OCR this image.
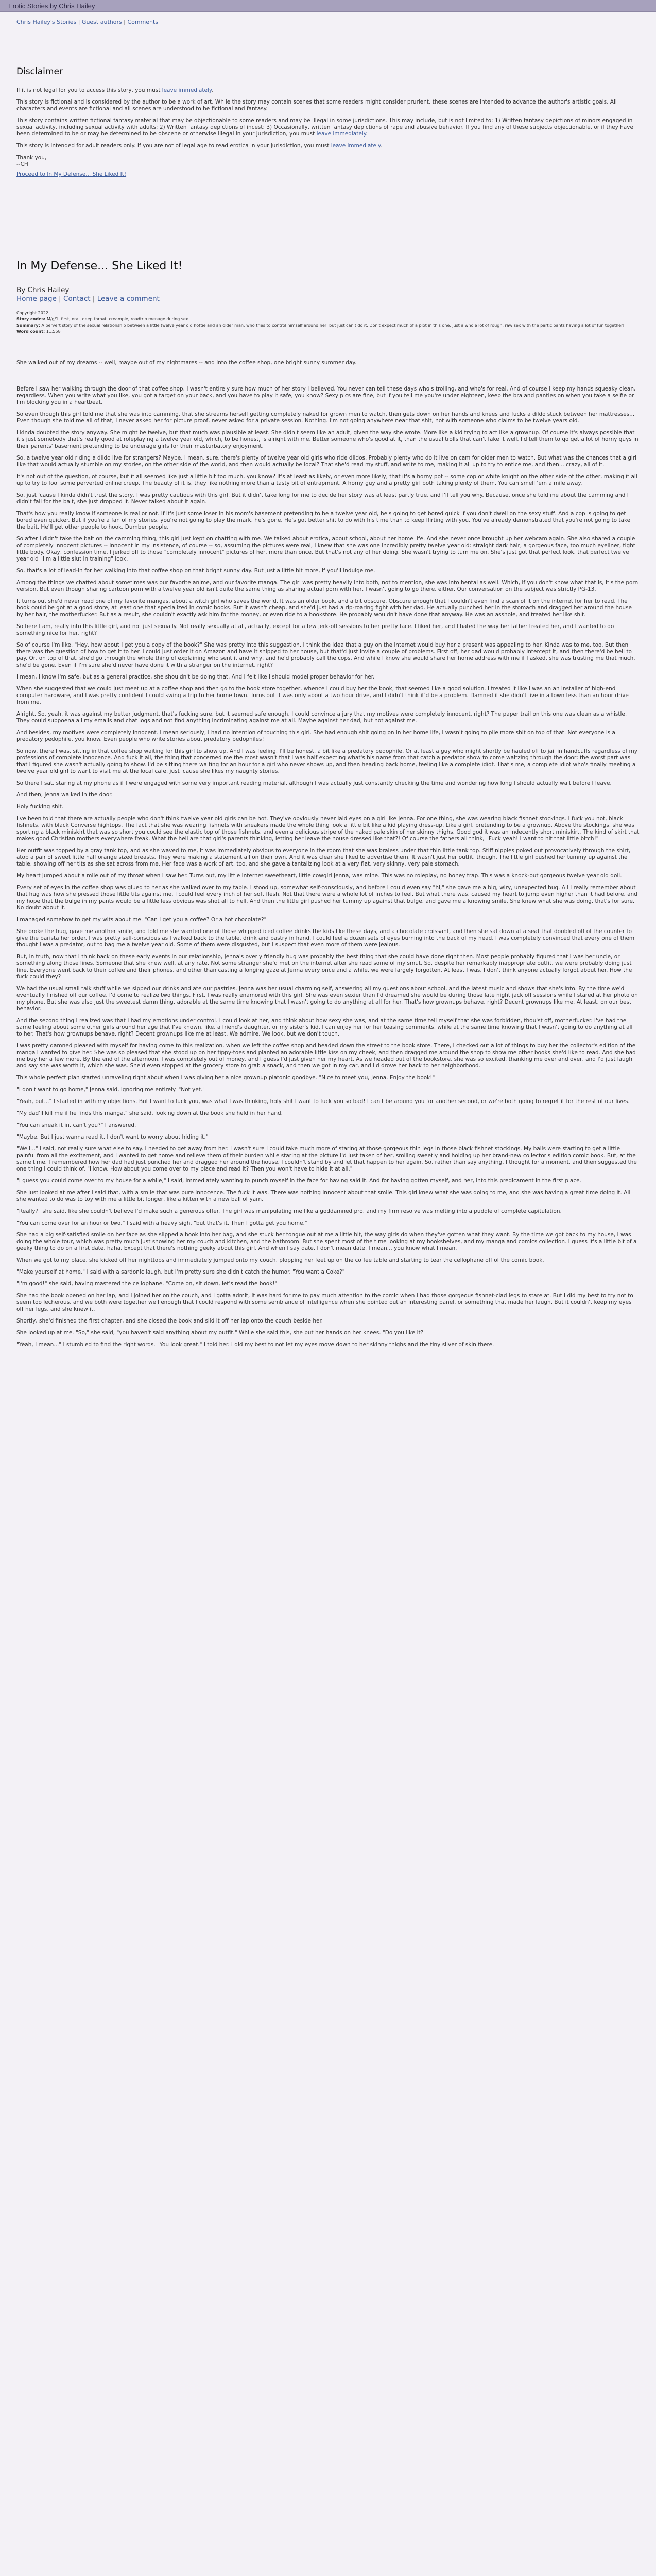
Erotic Stories by Chris Hailey
Chris Hailey's Stories | Guest authors | Comments
Disclaimer

If it is not legal for you to access this story, you must leave immediately.

This story is fictional and is considered by the author to be a work of art. While the story may contain scenes that some readers might consider prurient, these scenes are intended to advance the author's artistic goals. All characters and events are fictional and all scenes are understood to be fictional and fantasy.

This story contains written fictional fantasy material that may be objectionable to some readers and may be illegal in some jurisdictions. This may include, but is not limited to: 1) Written fantasy depictions of minors engaged in sexual activity, including sexual activity with adults; 2) Written fantasy depictions of incest; 3) Occasionally, written fantasy depictions of rape and abusive behavior. If you find any of these subjects objectionable, or if they have been determined to be or may be determined to be obscene or otherwise illegal in your jurisdiction, you must leave immediately.

This story is intended for adult readers only. If you are not of legal age to read erotica in your jurisdiction, you must leave immediately.

Thank you,
--CH

Proceed to In My Defense... She Liked It!
In My Defense... She Liked It!
By Chris Hailey
Home page | Contact | Leave a comment
Copyright 2022
Story codes: M/g/1, first, oral, deep throat, creampie, roadtrip menage during sex
Summary: A pervert story of the sexual relationship between a little twelve year old hottie and an older man; who tries to control himself around her, but just can't do it. Don't expect much of a plot in this one, just a whole lot of rough, raw sex with the participants having a lot of fun together!
Word count: 11,558

She walked out of my dreams -- well, maybe out of my nightmares -- and into the coffee shop, one bright sunny summer day.

Before I saw her walking through the door of that coffee shop, I wasn't entirely sure how much of her story I believed. You never can tell these days who's trolling, and who's for real. And of course I keep my hands squeaky clean, regardless. When you write what you like, you got a target on your back, and you have to play it safe, you know? Sexy pics are fine, but if you tell me you're under eighteen, keep the bra and panties on when you take a selfie or I'm blocking you in a heartbeat.

So even though this girl told me that she was into camming, that she streams herself getting completely naked for grown men to watch, then gets down on her hands and knees and fucks a dildo stuck between her mattresses... Even though she told me all of that, I never asked her for picture proof, never asked for a private session. Nothing. I'm not going anywhere near that shit, not with someone who claims to be twelve years old.

I kinda doubted the story anyway. She might be twelve, but that much was plausible at least. She didn't seem like an adult, given the way she wrote. More like a kid trying to act like a grownup. Of course it's always possible that it's just somebody that's really good at roleplaying a twelve year old, which, to be honest, is alright with me. Better someone who's good at it, than the usual trolls that can't fake it well. I'd tell them to go get a lot of horny guys in their parents' basement pretending to be underage girls for their masturbatory enjoyment.

So, a twelve year old riding a dildo live for strangers? Maybe. I mean, sure, there's plenty of twelve year old girls who ride dildos. Probably plenty who do it live on cam for older men to watch. But what was the chances that a girl like that would actually stumble on my stories, on the other side of the world, and then would actually be local? That she'd read my stuff, and write to me, making it all up to try to entice me, and then... crazy, all of it.

It's not out of the question, of course, but it all seemed like just a little bit too much, you know? It's at least as likely, or even more likely, that it's a horny pot -- some cop or white knight on the other side of the other, making it all up to try to fool some perverted online creep. The beauty of it is, they like nothing more than a tasty bit of entrapment. A horny guy and a pretty girl both taking plenty of them. You can smell 'em a mile away.

So, just 'cause I kinda didn't trust the story, I was pretty cautious with this girl. But it didn't take long for me to decide her story was at least partly true, and I'll tell you why. Because, once she told me about the camming and I didn't fall for the bait, she just dropped it. Never talked about it again.

That's how you really know if someone is real or not. If it's just some loser in his mom's basement pretending to be a twelve year old, he's going to get bored quick if you don't dwell on the sexy stuff. And a cop is going to get bored even quicker. But if you're a fan of my stories, you're not going to play the mark, he's gone. He's got better shit to do with his time than to keep flirting with you. You've already demonstrated that you're not going to take the bait. He'll get other people to hook. Dumber people.

So after I didn't take the bait on the camming thing, this girl just kept on chatting with me. We talked about erotica, about school, about her home life. And she never once brought up her webcam again. She also shared a couple of completely innocent pictures -- innocent in my insistence, of course -- so, assuming the pictures were real, I knew that she was one incredibly pretty twelve year old: straight dark hair, a gorgeous face, too much eyeliner, tight little body. Okay, confession time, I jerked off to those "completely innocent" pictures of her, more than once. But that's not any of her doing. She wasn't trying to turn me on. She's just got that perfect look, that perfect twelve year old "I'm a little slut in training" look.

So, that's a lot of lead-in for her walking into that coffee shop on that bright sunny day. But just a little bit more, if you'll indulge me.

Among the things we chatted about sometimes was our favorite anime, and our favorite manga. The girl was pretty heavily into both, not to mention, she was into hentai as well. Which, if you don't know what that is, it's the porn version. But even though sharing cartoon porn with a twelve year old isn't quite the same thing as sharing actual porn with her, I wasn't going to go there, either. Our conversation on the subject was strictly PG-13.

It turns out she'd never read one of my favorite mangas, about a witch girl who saves the world. It was an older book, and a bit obscure. Obscure enough that I couldn't even find a scan of it on the internet for her to read. The book could be got at a good store, at least one that specialized in comic books. But it wasn't cheap, and she'd just had a rip-roaring fight with her dad. He actually punched her in the stomach and dragged her around the house by her hair, the motherfucker. But as a result, she couldn't exactly ask him for the money, or even ride to a bookstore. He probably wouldn't have done that anyway. He was an asshole, and treated her like shit.

So here I am, really into this little girl, and not just sexually. Not really sexually at all, actually, except for a few jerk-off sessions to her pretty face. I liked her, and I hated the way her father treated her, and I wanted to do something nice for her, right?

So of course I'm like, "Hey, how about I get you a copy of the book?" She was pretty into this suggestion. I think the idea that a guy on the internet would buy her a present was appealing to her. Kinda was to me, too. But then there was the question of how to get it to her. I could just order it on Amazon and have it shipped to her house, but that'd just invite a couple of problems. First off, her dad would probably intercept it, and then there'd be hell to pay. Or, on top of that, she'd go through the whole thing of explaining who sent it and why, and he'd probably call the cops. And while I know she would share her home address with me if I asked, she was trusting me that much, she'd be gone. Even if I'm sure she'd never have done it with a stranger on the internet, right?

I mean, I know I'm safe, but as a general practice, she shouldn't be doing that. And I felt like I should model proper behavior for her.

When she suggested that we could just meet up at a coffee shop and then go to the book store together, whence I could buy her the book, that seemed like a good solution. I treated it like I was an an installer of high-end computer hardware, and I was pretty confident I could swing a trip to her home town. Turns out it was only about a two hour drive, and I didn't think it'd be a problem. Damned if she didn't live in a town less than an hour drive from me.

Alright. So, yeah, it was against my better judgment, that's fucking sure, but it seemed safe enough. I could convince a jury that my motives were completely innocent, right? The paper trail on this one was clean as a whistle. They could subpoena all my emails and chat logs and not find anything incriminating against me at all. Maybe against her dad, but not against me.

And besides, my motives were completely innocent. I mean seriously, I had no intention of touching this girl. She had enough shit going on in her home life, I wasn't going to pile more shit on top of that. Not everyone is a predatory pedophile, you know. Even people who write stories about predatory pedophiles!

So now, there I was, sitting in that coffee shop waiting for this girl to show up. And I was feeling, I'll be honest, a bit like a predatory pedophile. Or at least a guy who might shortly be hauled off to jail in handcuffs regardless of my professions of complete innocence. And fuck it all, the thing that concerned me the most wasn't that I was half expecting what's his name from that catch a predator show to come waltzing through the door; the worst part was that I figured she wasn't actually going to show. I'd be sitting there waiting for an hour for a girl who never shows up, and then heading back home, feeling like a complete idiot. That's me, a complete idiot who's finally meeting a twelve year old girl to want to visit me at the local cafe, just 'cause she likes my naughty stories.

So there I sat, staring at my phone as if I were engaged with some very important reading material, although I was actually just constantly checking the time and wondering how long I should actually wait before I leave.

And then, Jenna walked in the door.

Holy fucking shit.

I've been told that there are actually people who don't think twelve year old girls can be hot. They've obviously never laid eyes on a girl like Jenna. For one thing, she was wearing black fishnet stockings. I fuck you not, black fishnets, with black Converse hightops. The fact that she was wearing fishnets with sneakers made the whole thing look a little bit like a kid playing dress-up. Like a girl, pretending to be a grownup. Above the stockings, she was sporting a black miniskirt that was so short you could see the elastic top of those fishnets, and even a delicious stripe of the naked pale skin of her skinny thighs. Good god it was an indecently short miniskirt. The kind of skirt that makes good Christian mothers everywhere freak. What the hell are that girl's parents thinking, letting her leave the house dressed like that?! Of course the fathers all think, "Fuck yeah! I want to hit that little bitch!"

Her outfit was topped by a gray tank top, and as she waved to me, it was immediately obvious to everyone in the room that she was braless under that thin little tank top. Stiff nipples poked out provocatively through the shirt, atop a pair of sweet little half orange sized breasts. They were making a statement all on their own. And it was clear she liked to advertise them. It wasn't just her outfit, though. The little girl pushed her tummy up against the table, showing off her tits as she sat across from me. Her face was a work of art, too, and she gave a tantalizing look at a very flat, very skinny, very pale stomach.

My heart jumped about a mile out of my throat when I saw her. Turns out, my little internet sweetheart, little cowgirl Jenna, was mine. This was no roleplay, no honey trap. This was a knock-out gorgeous twelve year old doll.

Every set of eyes in the coffee shop was glued to her as she walked over to my table. I stood up, somewhat self-consciously, and before I could even say "hi," she gave me a big, wiry, unexpected hug. All I really remember about that hug was how she pressed those little tits against me. I could feel every inch of her soft flesh. Not that there were a whole lot of inches to feel. But what there was, caused my heart to jump even higher than it had before, and my hope that the bulge in my pants would be a little less obvious was shot all to hell. And then the little girl pushed her tummy up against that bulge, and gave me a knowing smile. She knew what she was doing, that's for sure. No doubt about it.

I managed somehow to get my wits about me. "Can I get you a coffee? Or a hot chocolate?"

She broke the hug, gave me another smile, and told me she wanted one of those whipped iced coffee drinks the kids like these days, and a chocolate croissant, and then she sat down at a seat that doubled off of the counter to give the barista her order. I was pretty self-conscious as I walked back to the table, drink and pastry in hand. I could feel a dozen sets of eyes burning into the back of my head. I was completely convinced that every one of them thought I was a predator, out to bag me a twelve year old. Some of them were disgusted, but I suspect that even more of them were jealous.

But, in truth, now that I think back on these early events in our relationship, Jenna's overly friendly hug was probably the best thing that she could have done right then. Most people probably figured that I was her uncle, or something along those lines. Someone that she knew well, at any rate. Not some stranger she'd met on the internet after she read some of my smut. So, despite her remarkably inappropriate outfit, we were probably doing just fine. Everyone went back to their coffee and their phones, and other than casting a longing gaze at Jenna every once and a while, we were largely forgotten. At least I was. I don't think anyone actually forgot about her. How the fuck could they?

We had the usual small talk stuff while we sipped our drinks and ate our pastries. Jenna was her usual charming self, answering all my questions about school, and the latest music and shows that she's into. By the time we'd eventually finished off our coffee, I'd come to realize two things. First, I was really enamored with this girl. She was even sexier than I'd dreamed she would be during those late night jack off sessions while I stared at her photo on my phone. But she was also just the sweetest damn thing, adorable at the same time knowing that I wasn't going to do anything at all for her. That's how grownups behave, right? Decent grownups like me. At least, on our best behavior.

And the second thing I realized was that I had my emotions under control. I could look at her, and think about how sexy she was, and at the same time tell myself that she was forbidden, thou'st off, motherfucker. I've had the same feeling about some other girls around her age that I've known, like, a friend's daughter, or my sister's kid. I can enjoy her for her teasing comments, while at the same time knowing that I wasn't going to do anything at all to her. That's how grownups behave, right? Decent grownups like me at least. We admire. We look, but we don't touch.

I was pretty damned pleased with myself for having come to this realization, when we left the coffee shop and headed down the street to the book store. There, I checked out a lot of things to buy her the collector's edition of the manga I wanted to give her. She was so pleased that she stood up on her tippy-toes and planted an adorable little kiss on my cheek, and then dragged me around the shop to show me other books she'd like to read. And she had me buy her a few more. By the end of the afternoon, I was completely out of money, and I guess I'd just given her my heart. As we headed out of the bookstore, she was so excited, thanking me over and over, and I'd just laugh and say she was worth it, which she was. She'd even stopped at the grocery store to grab a snack, and then we got in my car, and I'd drove her back to her neighborhood.

This whole perfect plan started unraveling right about when I was giving her a nice grownup platonic goodbye. "Nice to meet you, Jenna. Enjoy the book!"

"I don't want to go home," Jenna said, ignoring me entirely. "Not yet."

"Yeah, but..." I started in with my objections. But I want to fuck you, was what I was thinking, holy shit I want to fuck you so bad! I can't be around you for another second, or we're both going to regret it for the rest of our lives.

"My dad'll kill me if he finds this manga," she said, looking down at the book she held in her hand.

"You can sneak it in, can't you?" I answered.

"Maybe. But I just wanna read it. I don't want to worry about hiding it."

"Well..." I said, not really sure what else to say. I needed to get away from her. I wasn't sure I could take much more of staring at those gorgeous thin legs in those black fishnet stockings. My balls were starting to get a little painful from all the excitement, and I wanted to get home and relieve them of their burden while staring at the picture I'd just taken of her, smiling sweetly and holding up her brand-new collector's edition comic book. But, at the same time, I remembered how her dad had just punched her and dragged her around the house. I couldn't stand by and let that happen to her again. So, rather than say anything, I thought for a moment, and then suggested the one thing I could think of. "I know. How about you come over to my place and read it? Then you won't have to hide it at all."

"I guess you could come over to my house for a while," I said, immediately wanting to punch myself in the face for having said it. And for having gotten myself, and her, into this predicament in the first place.

She just looked at me after I said that, with a smile that was pure innocence. The fuck it was. There was nothing innocent about that smile. This girl knew what she was doing to me, and she was having a great time doing it. All she wanted to do was to toy with me a little bit longer, like a kitten with a new ball of yarn.

"Really?" she said, like she couldn't believe I'd make such a generous offer. The girl was manipulating me like a goddamned pro, and my firm resolve was melting into a puddle of complete capitulation.

"You can come over for an hour or two," I said with a heavy sigh, "but that's it. Then I gotta get you home."

She had a big self-satisfied smile on her face as she slipped a book into her bag, and she stuck her tongue out at me a little bit, the way girls do when they've gotten what they want. By the time we got back to my house, I was doing the whole tour, which was pretty much just showing her my couch and kitchen, and the bathroom. But she spent most of the time looking at my bookshelves, and my manga and comics collection. I guess it's a little bit of a geeky thing to do on a first date, haha. Except that there's nothing geeky about this girl. And when I say date, I don't mean date. I mean... you know what I mean.

When we got to my place, she kicked off her nighttops and immediately jumped onto my couch, plopping her feet up on the coffee table and starting to tear the cellophane off of the comic book.

"Make yourself at home," I said with a sardonic laugh, but I'm pretty sure she didn't catch the humor. "You want a Coke?"

"I'm good!" she said, having mastered the cellophane. "Come on, sit down, let's read the book!"

She had the book opened on her lap, and I joined her on the couch, and I gotta admit, it was hard for me to pay much attention to the comic when I had those gorgeous fishnet-clad legs to stare at. But I did my best to try not to seem too lecherous, and we both were together well enough that I could respond with some semblance of intelligence when she pointed out an interesting panel, or something that made her laugh. But it couldn't keep my eyes off her legs, and she knew it.

Shortly, she'd finished the first chapter, and she closed the book and slid it off her lap onto the couch beside her.

She looked up at me. "So," she said, "you haven't said anything about my outfit." While she said this, she put her hands on her knees. "Do you like it?"

"Yeah, I mean..." I stumbled to find the right words. "You look great." I told her. I did my best to not let my eyes move down to her skinny thighs and the tiny sliver of skin there.
